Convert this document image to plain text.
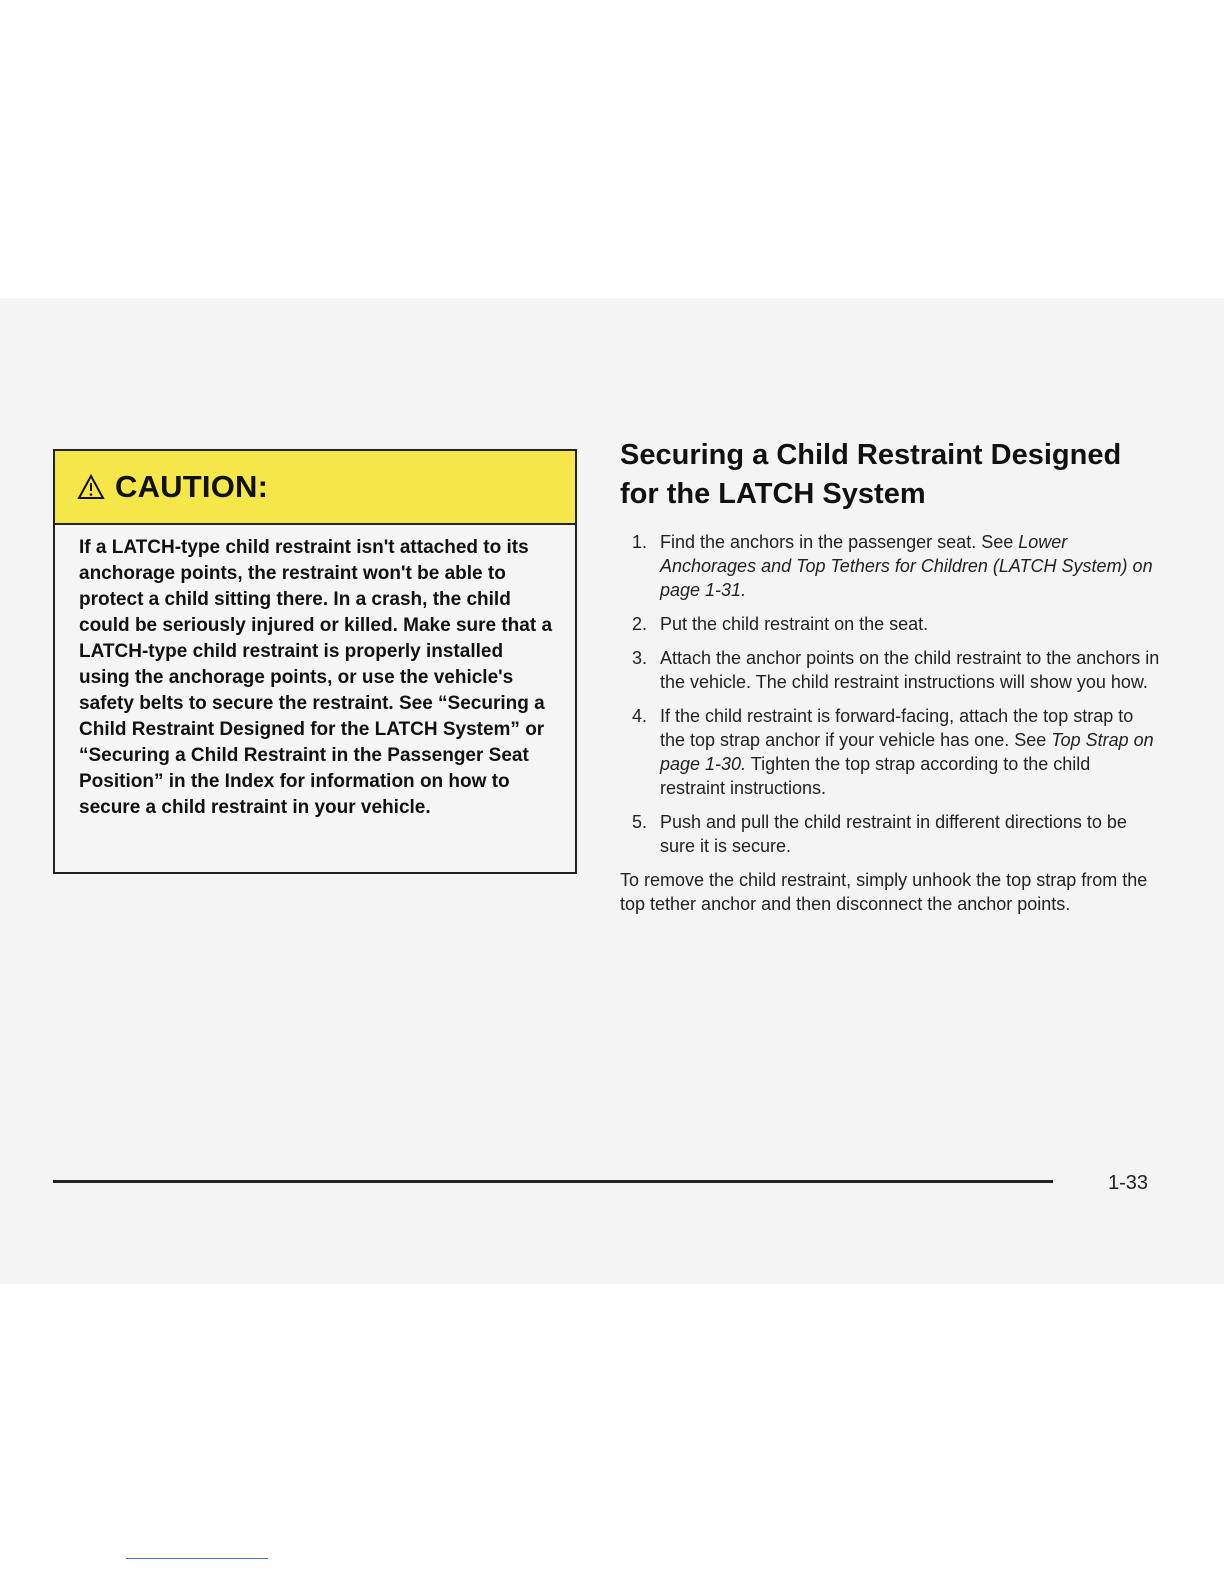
CAUTION:

If a LATCH-type child restraint isn't attached to its anchorage points, the restraint won't be able to protect a child sitting there. In a crash, the child could be seriously injured or killed. Make sure that a LATCH-type child restraint is properly installed using the anchorage points, or use the vehicle's safety belts to secure the restraint. See “Securing a Child Restraint Designed for the LATCH System” or “Securing a Child Restraint in the Passenger Seat Position” in the Index for information on how to secure a child restraint in your vehicle.

Securing a Child Restraint Designed for the LATCH System
1. Find the anchors in the passenger seat. See Lower Anchorages and Top Tethers for Children (LATCH System) on page 1-31.
2. Put the child restraint on the seat.
3. Attach the anchor points on the child restraint to the anchors in the vehicle. The child restraint instructions will show you how.
4. If the child restraint is forward-facing, attach the top strap to the top strap anchor if your vehicle has one. See Top Strap on page 1-30. Tighten the top strap according to the child restraint instructions.
5. Push and pull the child restraint in different directions to be sure it is secure.

To remove the child restraint, simply unhook the top strap from the top tether anchor and then disconnect the anchor points.

1-33
